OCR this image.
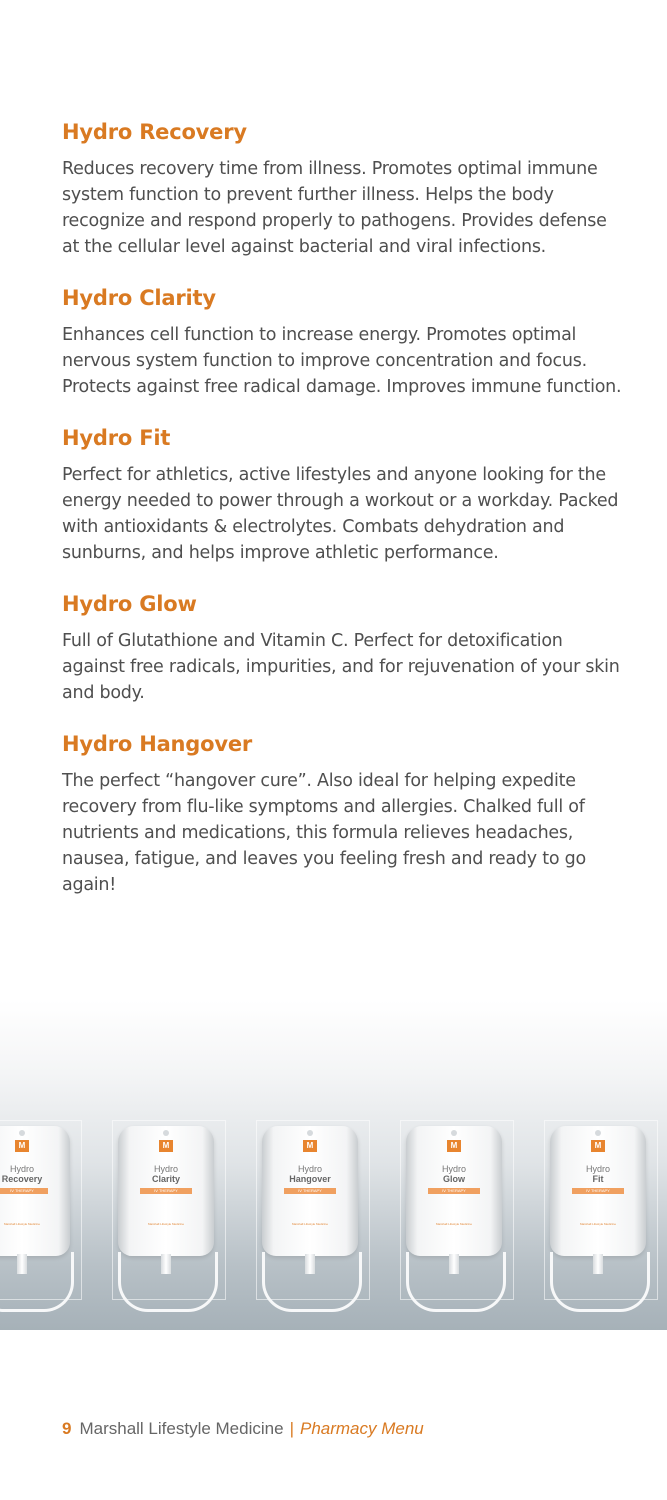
Hydro Recovery

Reduces recovery time from illness. Promotes optimal immune system function to prevent further illness. Helps the body recognize and respond properly to pathogens. Provides defense at the cellular level against bacterial and viral infections.

Hydro Clarity

Enhances cell function to increase energy. Promotes optimal nervous system function to improve concentration and focus. Protects against free radical damage. Improves immune function.

Hydro Fit

Perfect for athletics, active lifestyles and anyone looking for the energy needed to power through a workout or a workday. Packed with antioxidants & electrolytes. Combats dehydration and sunburns, and helps improve athletic performance.

Hydro Glow

Full of Glutathione and Vitamin C. Perfect for detoxification against free radicals, impurities, and for rejuvenation of your skin and body.

Hydro Hangover

The perfect “hangover cure”. Also ideal for helping expedite recovery from flu-like symptoms and allergies. Chalked full of nutrients and medications, this formula relieves headaches, nausea, fatigue, and leaves you feeling fresh and ready to go again!

M
Hydro
Recovery
IV THERAPY
Marshall Lifestyle Medicine
M
Hydro
Clarity
IV THERAPY
Marshall Lifestyle Medicine
M
Hydro
Hangover
IV THERAPY
Marshall Lifestyle Medicine
M
Hydro
Glow
IV THERAPY
Marshall Lifestyle Medicine
M
Hydro
Fit
IV THERAPY
Marshall Lifestyle Medicine
9 Marshall Lifestyle Medicine | Pharmacy Menu
